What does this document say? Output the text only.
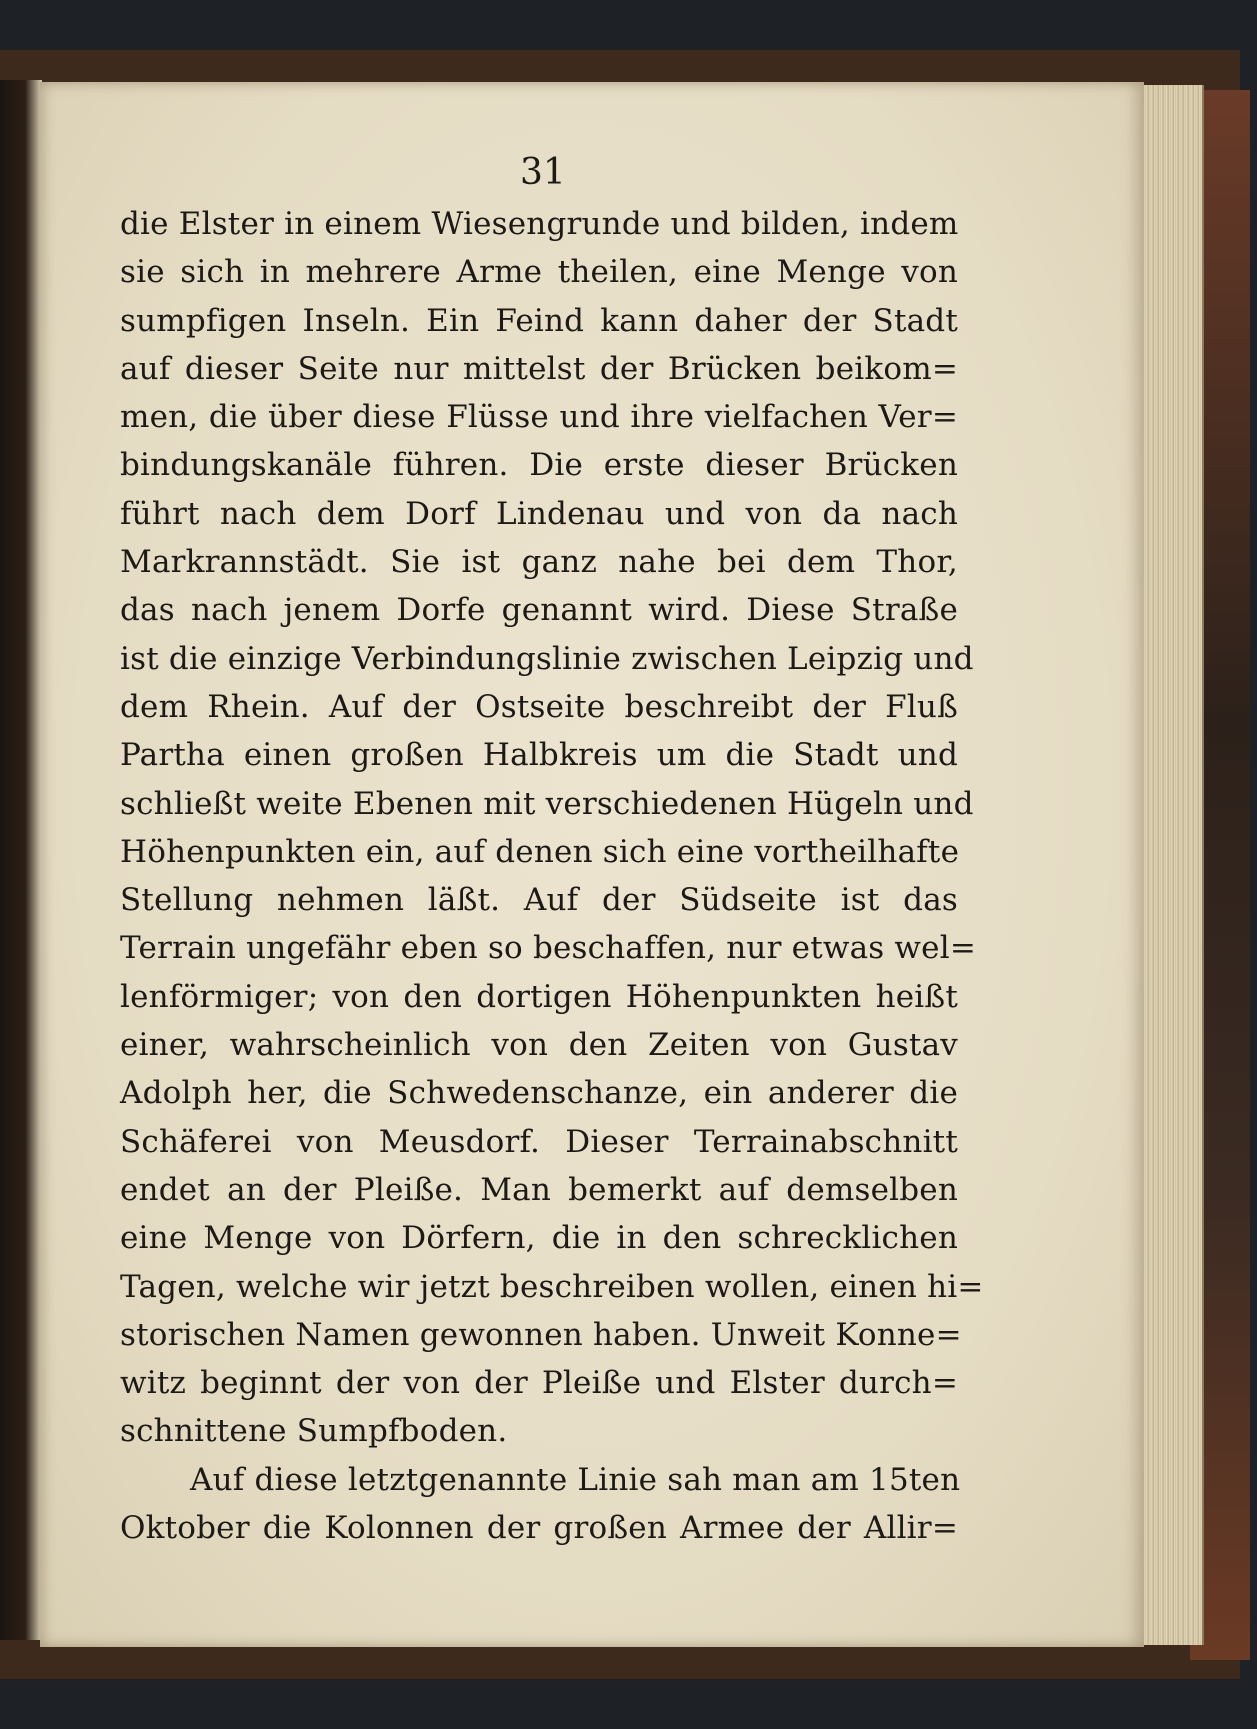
31
die Elster in einem Wiesengrunde und bilden, indem
sie sich in mehrere Arme theilen, eine Menge von
sumpfigen Inseln. Ein Feind kann daher der Stadt
auf dieser Seite nur mittelst der Brücken beikom=
men, die über diese Flüsse und ihre vielfachen Ver=
bindungskanäle führen. Die erste dieser Brücken
führt nach dem Dorf Lindenau und von da nach
Markrannstädt. Sie ist ganz nahe bei dem Thor,
das nach jenem Dorfe genannt wird. Diese Straße
ist die einzige Verbindungslinie zwischen Leipzig und
dem Rhein. Auf der Ostseite beschreibt der Fluß
Partha einen großen Halbkreis um die Stadt und
schließt weite Ebenen mit verschiedenen Hügeln und
Höhenpunkten ein, auf denen sich eine vortheilhafte
Stellung nehmen läßt. Auf der Südseite ist das
Terrain ungefähr eben so beschaffen, nur etwas wel=
lenförmiger; von den dortigen Höhenpunkten heißt
einer, wahrscheinlich von den Zeiten von Gustav
Adolph her, die Schwedenschanze, ein anderer die
Schäferei von Meusdorf. Dieser Terrainabschnitt
endet an der Pleiße. Man bemerkt auf demselben
eine Menge von Dörfern, die in den schrecklichen
Tagen, welche wir jetzt beschreiben wollen, einen hi=
storischen Namen gewonnen haben. Unweit Konne=
witz beginnt der von der Pleiße und Elster durch=
schnittene Sumpfboden.
Auf diese letztgenannte Linie sah man am 15ten
Oktober die Kolonnen der großen Armee der Allir=
